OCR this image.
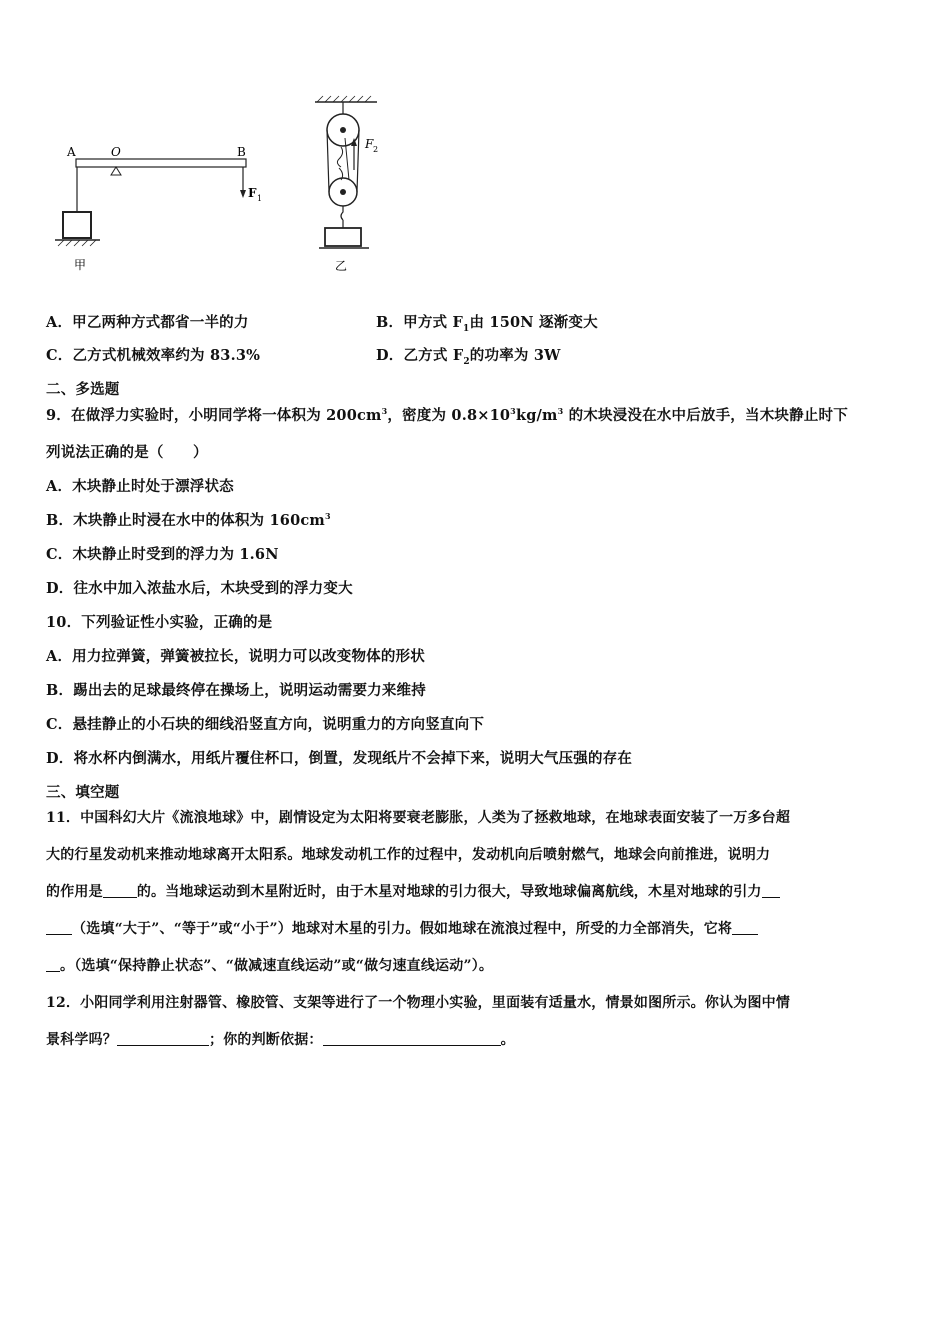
A	O	B
F 1
甲
F 2
乙
A．甲乙两种方式都省一半的力	B．甲方式 $F_1$由 150N 逐渐变大
C．乙方式机械效率约为 83.3%	D．乙方式 $F_2$的功率为 3W
二、多选题
9．在做浮力实验时，小明同学将一体积为 $200cm^3$，密度为 $0.8\times 10^3kg/m^3$ 的木块浸没在水中后放手，当木块静止时下
列说法正确的是（　　）
A．木块静止时处于漂浮状态
B．木块静止时浸在水中的体积为 $160cm^3$
C．木块静止时受到的浮力为 1.6N
D．往水中加入浓盐水后，木块受到的浮力变大
10．下列验证性小实验，正确的是
A．用力拉弹簧，弹簧被拉长，说明力可以改变物体的形状
B．踢出去的足球最终停在操场上，说明运动需要力来维持
C．悬挂静止的小石块的细线沿竖直方向，说明重力的方向竖直向下
D．将水杯内倒满水，用纸片覆住杯口，倒置，发现纸片不会掉下来，说明大气压强的存在
三、填空题
11．中国科幻大片《流浪地球》中，剧情设定为太阳将要衰老膨胀，人类为了拯救地球，在地球表面安装了一万多台超
大的行星发动机来推动地球离开太阳系。地球发动机工作的过程中，发动机向后喷射燃气，地球会向前推进，说明力
的作用是 的。当地球运动到木星附近时，由于木星对地球的引力很大，导致地球偏离航线，木星对地球的引力
（选填“大于”、“等于”或“小于”）地球对木星的引力。假如地球在流浪过程中，所受的力全部消失，它将
。（选填“保持静止状态”、“做减速直线运动”或“做匀速直线运动”）。
12．小阳同学利用注射器管、橡胶管、支架等进行了一个物理小实验，里面装有适量水，情景如图所示。你认为图中情
景科学吗？	；你的判断依据：	。
